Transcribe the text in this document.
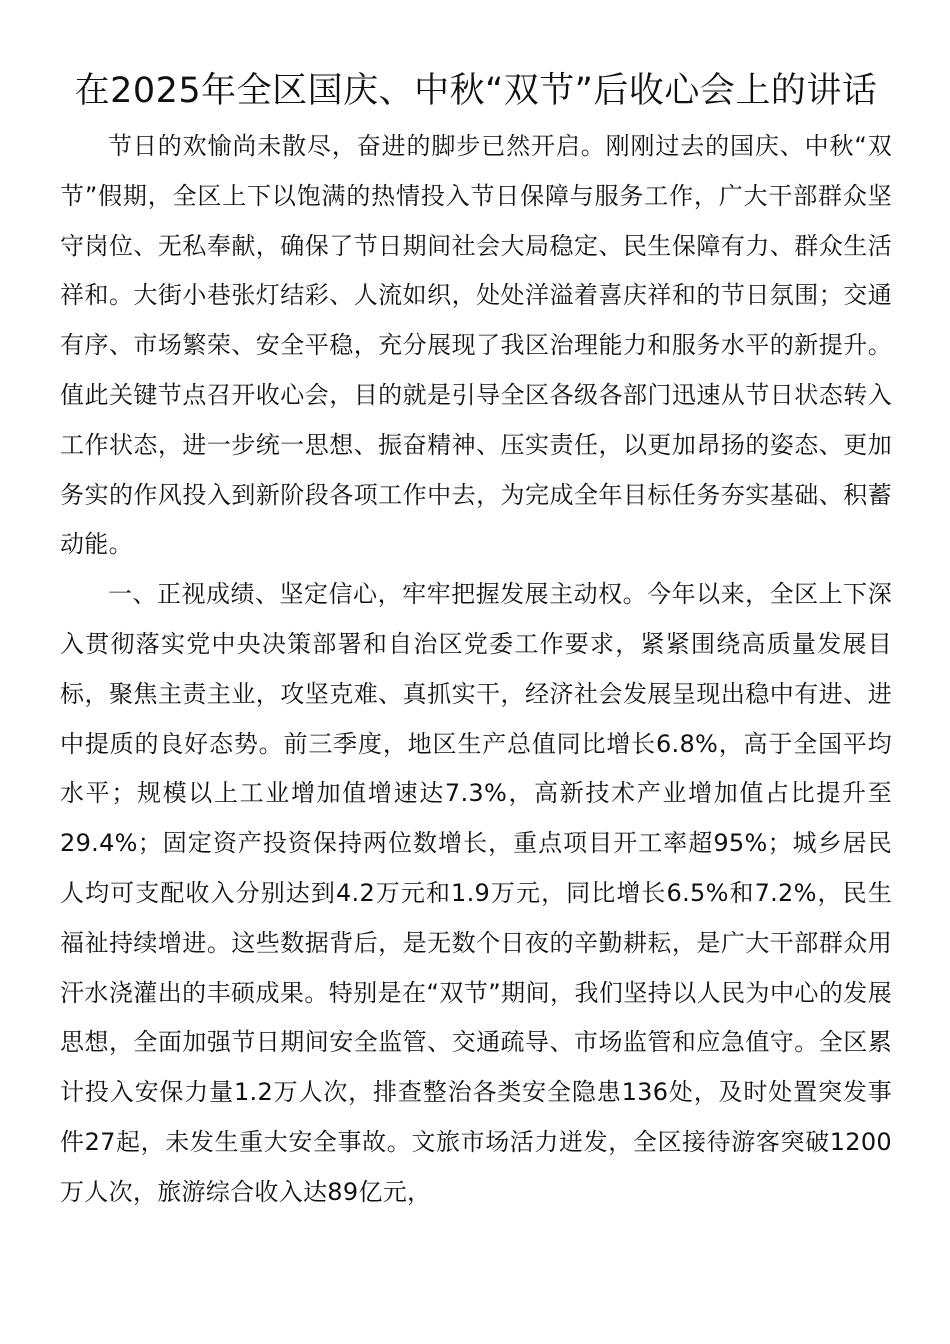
在2025年全区国庆、中秋“双节”后收心会上的讲话

节日的欢愉尚未散尽，奋进的脚步已然开启。刚刚过去的国庆、中秋“双节”假期，全区上下以饱满的热情投入节日保障与服务工作，广大干部群众坚守岗位、无私奉献，确保了节日期间社会大局稳定、民生保障有力、群众生活祥和。大街小巷张灯结彩、人流如织，处处洋溢着喜庆祥和的节日氛围；交通有序、市场繁荣、安全平稳，充分展现了我区治理能力和服务水平的新提升。值此关键节点召开收心会，目的就是引导全区各级各部门迅速从节日状态转入工作状态，进一步统一思想、振奋精神、压实责任，以更加昂扬的姿态、更加务实的作风投入到新阶段各项工作中去，为完成全年目标任务夯实基础、积蓄动能。

一、正视成绩、坚定信心，牢牢把握发展主动权。今年以来，全区上下深入贯彻落实党中央决策部署和自治区党委工作要求，紧紧围绕高质量发展目标，聚焦主责主业，攻坚克难、真抓实干，经济社会发展呈现出稳中有进、进中提质的良好态势。前三季度，地区生产总值同比增长6.8%，高于全国平均水平；规模以上工业增加值增速达7.3%，高新技术产业增加值占比提升至29.4%；固定资产投资保持两位数增长，重点项目开工率超95%；城乡居民人均可支配收入分别达到4.2万元和1.9万元，同比增长6.5%和7.2%，民生福祉持续增进。这些数据背后，是无数个日夜的辛勤耕耘，是广大干部群众用汗水浇灌出的丰硕成果。特别是在“双节”期间，我们坚持以人民为中心的发展思想，全面加强节日期间安全监管、交通疏导、市场监管和应急值守。全区累计投入安保力量1.2万人次，排查整治各类安全隐患136处，及时处置突发事件27起，未发生重大安全事故。文旅市场活力迸发，全区接待游客突破1200万人次，旅游综合收入达89亿元，
